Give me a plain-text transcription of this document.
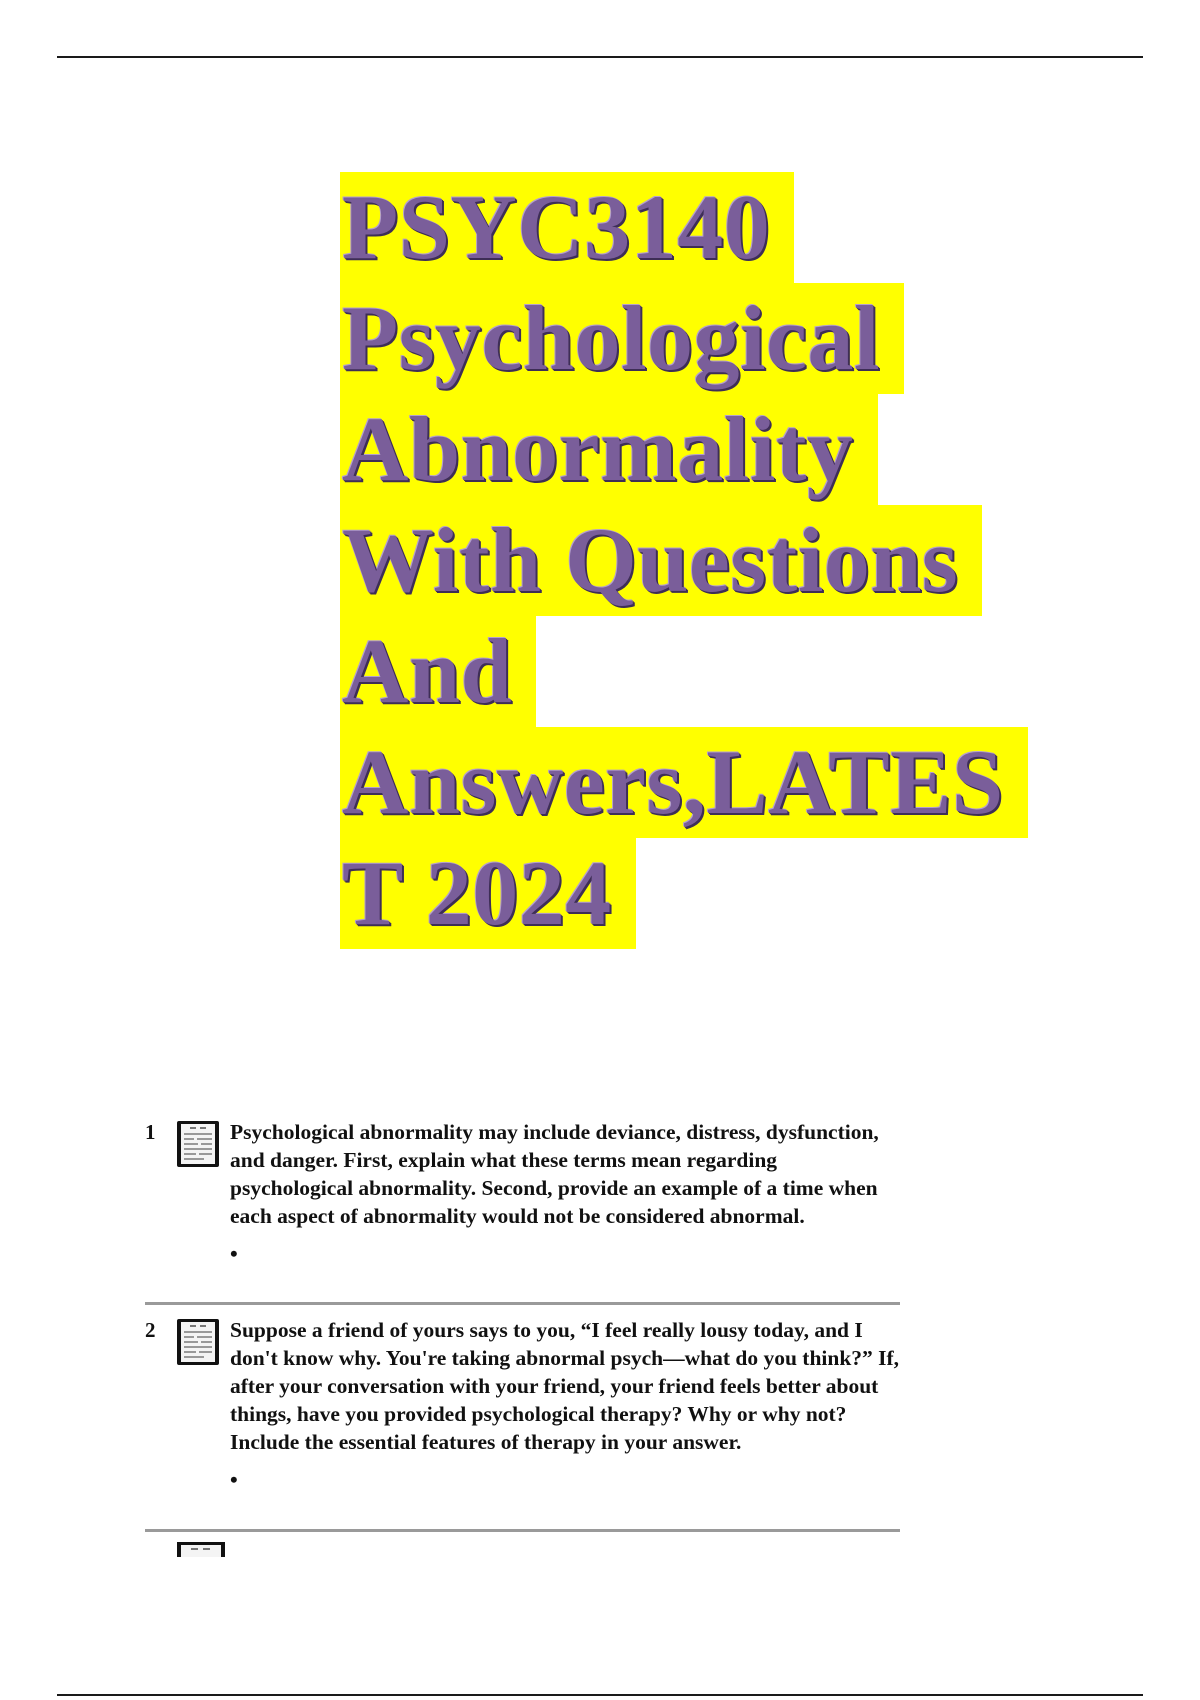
PSYC3140
Psychological
Abnormality
With Questions
And
Answers,LATES
T 2024
1	Psychological abnormality may include deviance, distress, dysfunction, and danger. First, explain what these terms mean regarding psychological abnormality. Second, provide an example of a time when each aspect of abnormality would not be considered abnormal.

•

2	Suppose a friend of yours says to you, “I feel really lousy today, and I don't know why. You're taking abnormal psych—what do you think?” If, after your conversation with your friend, your friend feels better about things, have you provided psychological therapy? Why or why not? Include the essential features of therapy in your answer.

•
